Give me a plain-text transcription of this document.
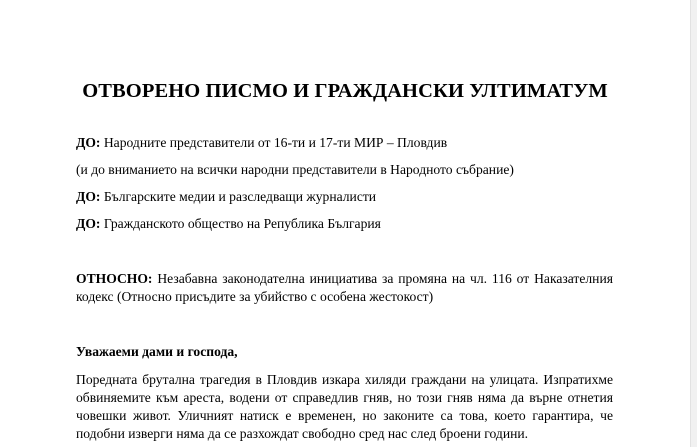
ОТВОРЕНО ПИСМО И ГРАЖДАНСКИ УЛТИМАТУМ
ДО: Народните представители от 16-ти и 17-ти МИР – Пловдив
(и до вниманието на всички народни представители в Народното събрание)
ДО: Българските медии и разследващи журналисти
ДО: Гражданското общество на Република България
ОТНОСНО: Незабавна законодателна инициатива за промяна на чл. 116 от Наказателния кодекс (Относно присъдите за убийство с особена жестокост)
Уважаеми дами и господа,
Поредната брутална трагедия в Пловдив изкара хиляди граждани на улицата. Изпратихме обвиняемите към ареста, водени от справедлив гняв, но този гняв няма да върне отнетия човешки живот. Уличният натиск е временен, но законите са това, което гарантира, че подобни изверги няма да се разхождат свободно сред нас след броени години.
